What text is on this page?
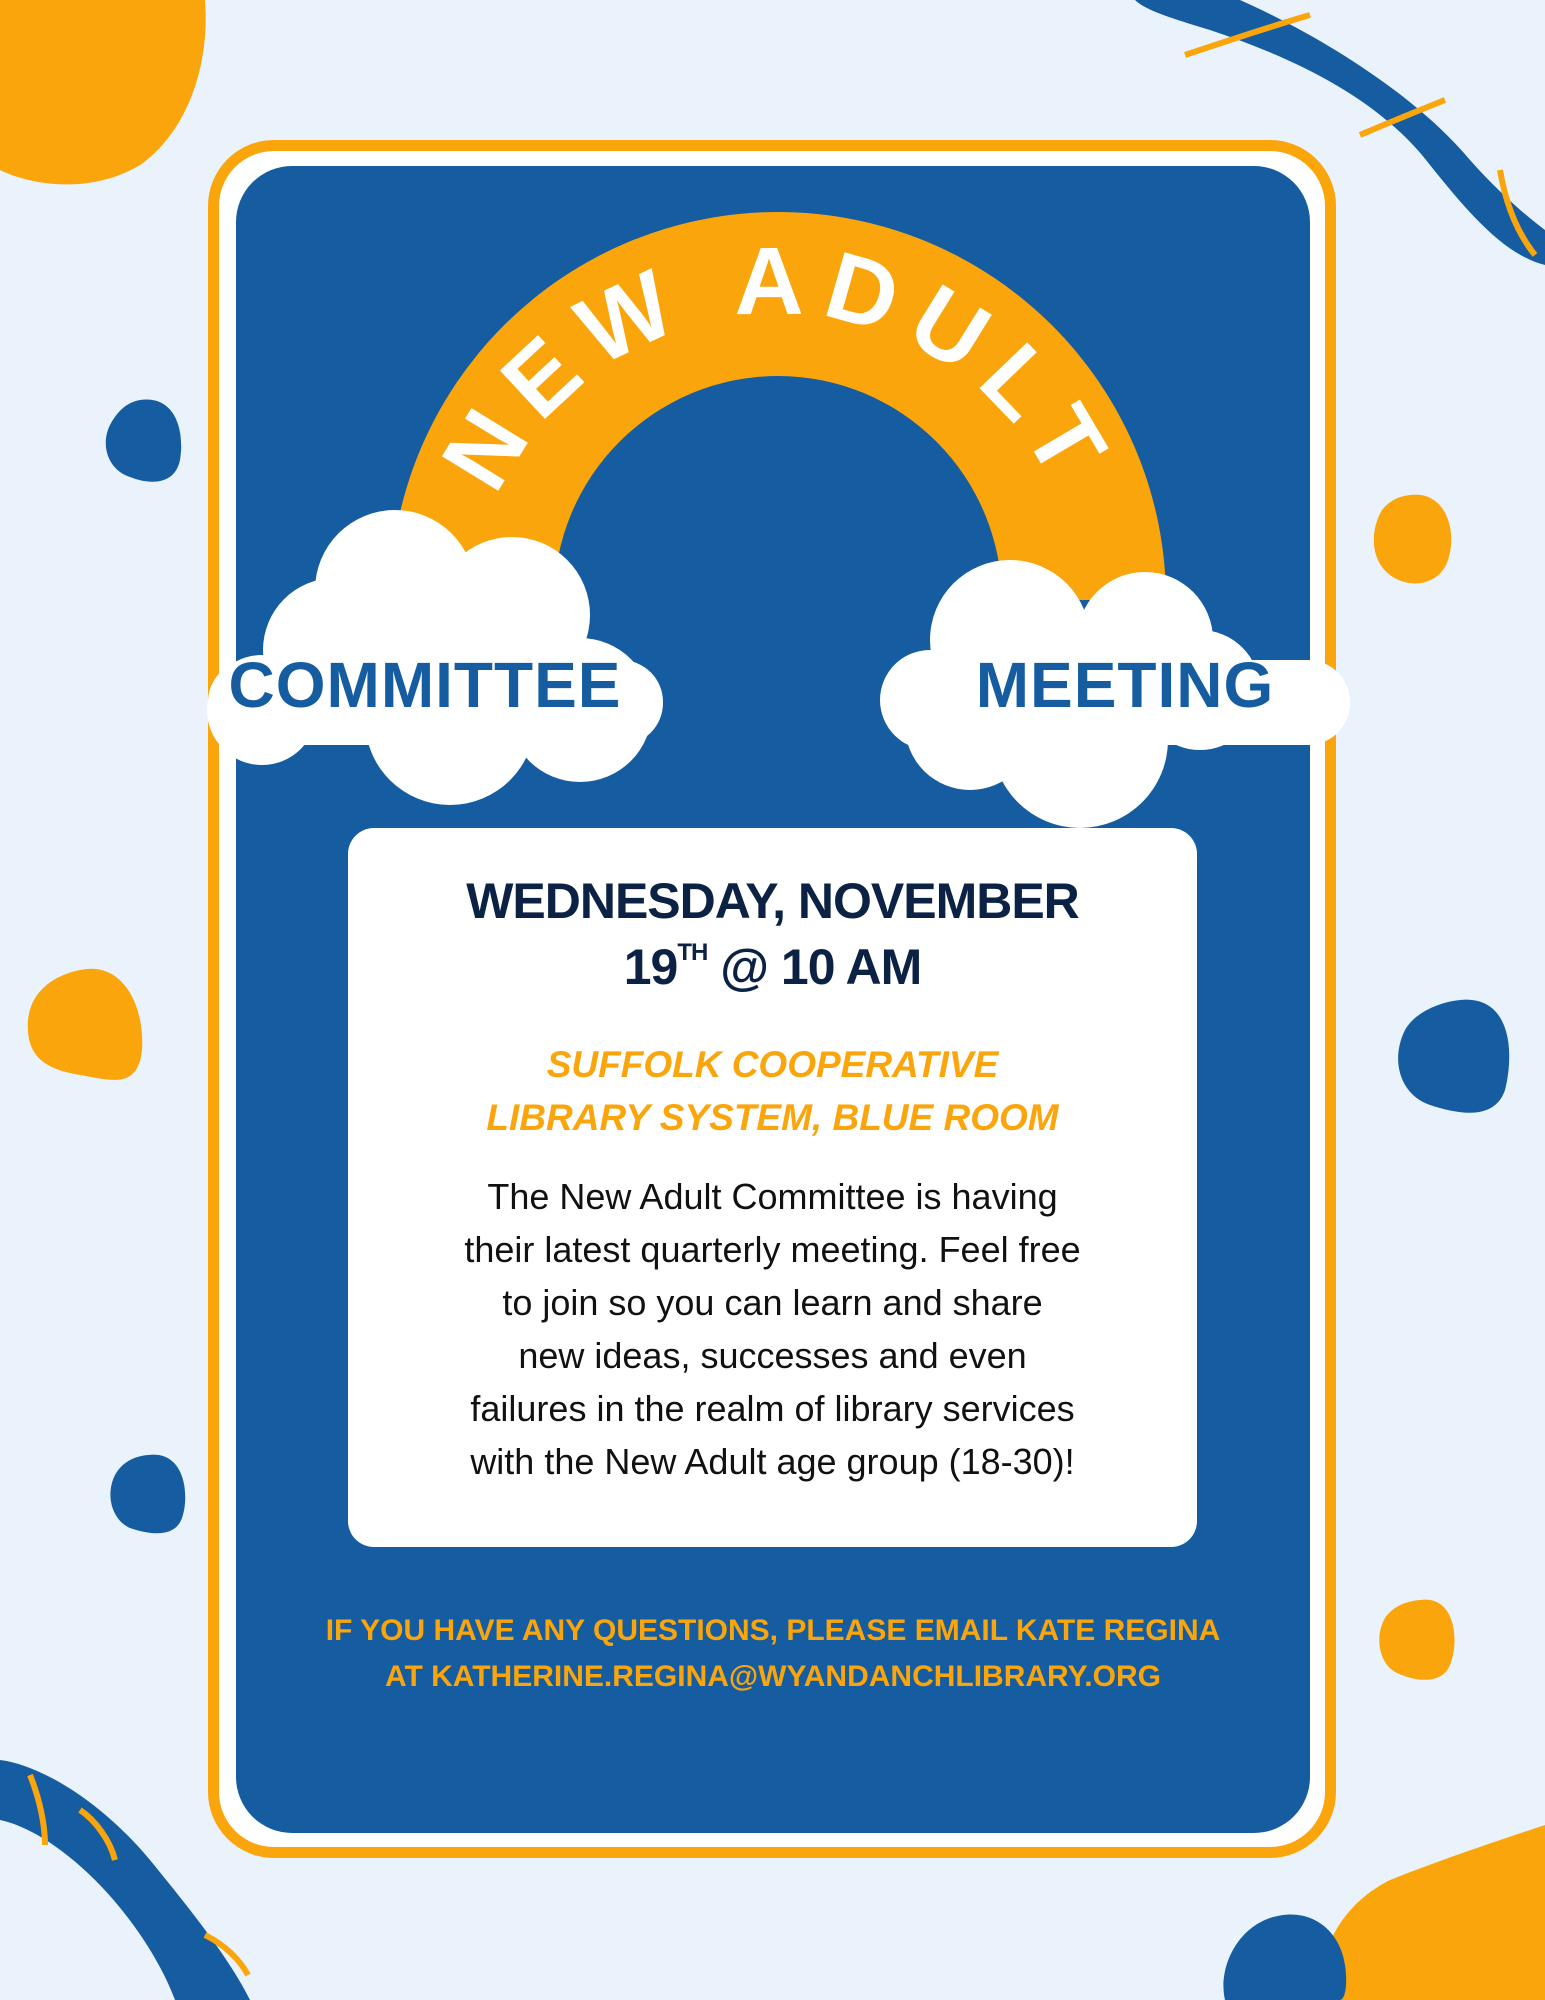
NEW ADULT
COMMITTEE	MEETING
WEDNESDAY, NOVEMBER
19TH @ 10 AM
SUFFOLK COOPERATIVE
LIBRARY SYSTEM, BLUE ROOM
The New Adult Committee is having
their latest quarterly meeting. Feel free
to join so you can learn and share
new ideas, successes and even
failures in the realm of library services
with the New Adult age group (18-30)!
IF YOU HAVE ANY QUESTIONS, PLEASE EMAIL KATE REGINA
AT KATHERINE.REGINA@WYANDANCHLIBRARY.ORG
